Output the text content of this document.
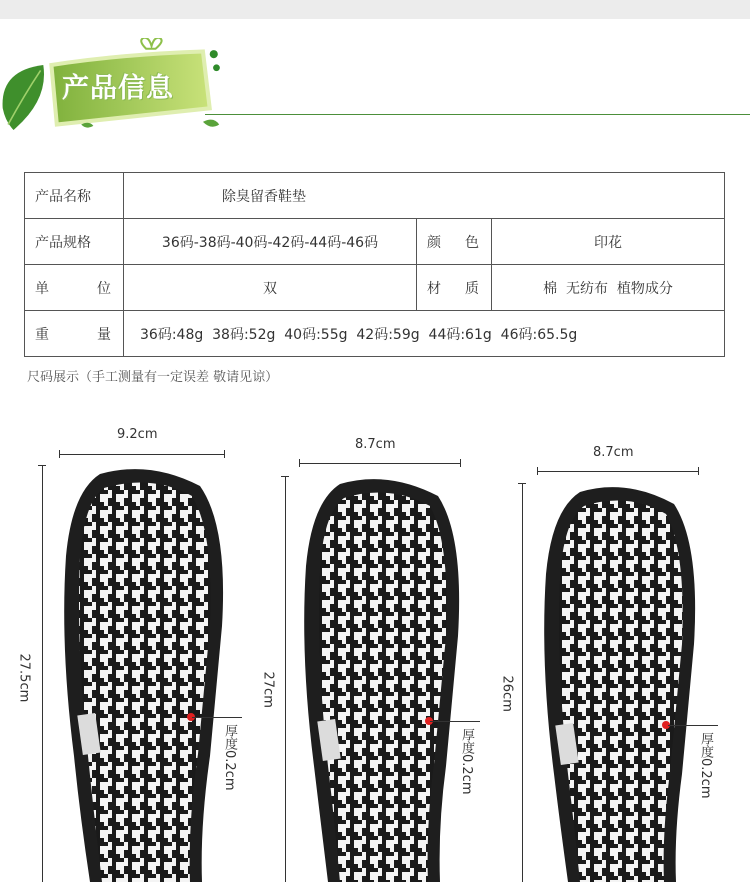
产品信息
产品名称	除臭留香鞋垫		
产品规格	36码-38码-40码-42码-44码-46码	颜 色	印花

单 位	双	材 质	棉  无纺布  植物成分

重 量	36码:48g  38码:52g  40码:55g  42码:59g  44码:61g  46码:65.5g		
尺码展示（手工测量有一定误差 敬请见谅）
9.2cm
27.5cm
厚度0.2cm
8.7cm
27cm
厚度0.2cm
8.7cm
26cm
厚度0.2cm
